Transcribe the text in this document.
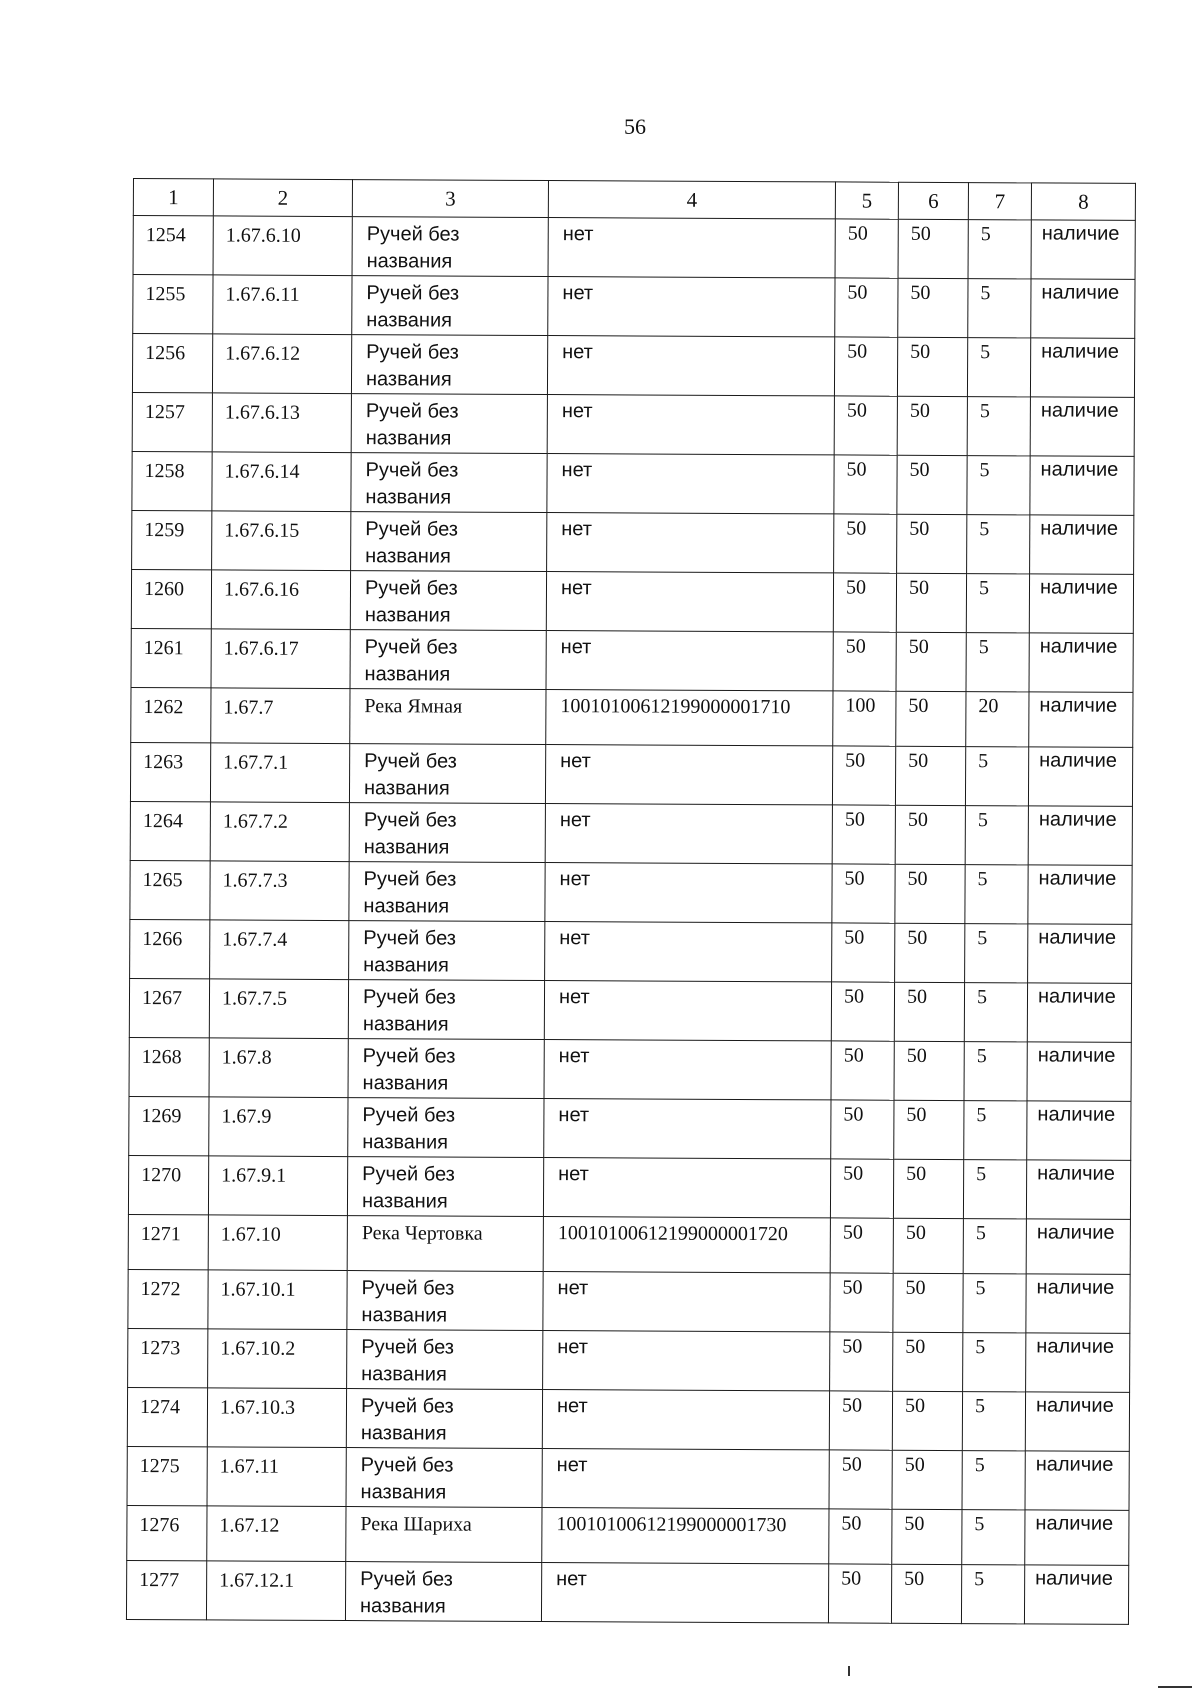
56
1	2	3	4	5	6	7	8
1254	1.67.6.10	Ручей без названия	нет	50	50	5	наличие
1255	1.67.6.11	Ручей без названия	нет	50	50	5	наличие
1256	1.67.6.12	Ручей без названия	нет	50	50	5	наличие
1257	1.67.6.13	Ручей без названия	нет	50	50	5	наличие
1258	1.67.6.14	Ручей без названия	нет	50	50	5	наличие
1259	1.67.6.15	Ручей без названия	нет	50	50	5	наличие
1260	1.67.6.16	Ручей без названия	нет	50	50	5	наличие
1261	1.67.6.17	Ручей без названия	нет	50	50	5	наличие
1262	1.67.7	Река Ямная	10010100612199000001710	100	50	20	наличие
1263	1.67.7.1	Ручей без названия	нет	50	50	5	наличие
1264	1.67.7.2	Ручей без названия	нет	50	50	5	наличие
1265	1.67.7.3	Ручей без названия	нет	50	50	5	наличие
1266	1.67.7.4	Ручей без названия	нет	50	50	5	наличие
1267	1.67.7.5	Ручей без названия	нет	50	50	5	наличие
1268	1.67.8	Ручей без названия	нет	50	50	5	наличие
1269	1.67.9	Ручей без названия	нет	50	50	5	наличие
1270	1.67.9.1	Ручей без названия	нет	50	50	5	наличие
1271	1.67.10	Река Чертовка	10010100612199000001720	50	50	5	наличие
1272	1.67.10.1	Ручей без названия	нет	50	50	5	наличие
1273	1.67.10.2	Ручей без названия	нет	50	50	5	наличие
1274	1.67.10.3	Ручей без названия	нет	50	50	5	наличие
1275	1.67.11	Ручей без названия	нет	50	50	5	наличие
1276	1.67.12	Река Шариха	10010100612199000001730	50	50	5	наличие
1277	1.67.12.1	Ручей без названия	нет	50	50	5	наличие
